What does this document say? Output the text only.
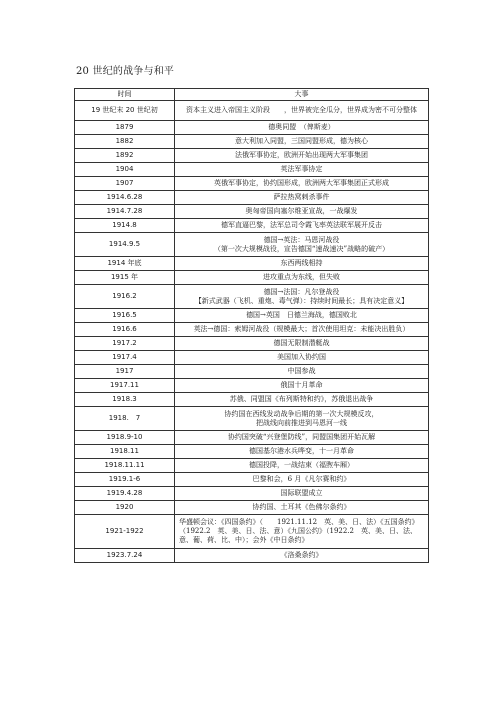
20 世纪的战争与和平
时间	大事
19 世纪末 20 世纪初	资本主义进入帝国主义阶段　　，世界被完全瓜分，世界成为密不可分整体

1879	德奥同盟　（俾斯麦）

1882	意大利加入同盟，三国同盟形成，德为核心

1892	法俄军事协定，欧洲开始出现两大军事集团

1904	英法军事协定

1907	英俄军事协定，协约国形成，欧洲两大军事集团正式形成

1914.6.28	萨拉热窝刺杀事件

1914.7.28	奥匈帝国向塞尔维亚宣战，一战爆发

1914.8	德军直逼巴黎，法军总司令霞飞率英法联军展开反击

1914.9.5	德国→英法：马恩河战役
（第一次大规模战役，宣告德国“速战速决”战略的破产）

1914 年底	东西两线相持

1915 年	进攻重点为东线，但失败

1916.2	德国→法国：凡尔登战役
【新式武器（飞机、重炮、毒气弹）：持续时间最长；具有决定意义】

1916.5	德国→英国　日德兰海战，德国败北

1916.6	英法→德国：索姆河战役（规模最大；首次使用坦克：未能决出胜负）

1917.2	德国无限制潜艇战

1917.4	美国加入协约国

1917	中国参战

1917.11	俄国十月革命

1918.3	苏俄、同盟国《布列斯特和约》，苏俄退出战争

1918.　7	协约国在西线发动战争后期的第一次大规模反攻，
把战线向前推进到马恩河一线

1918.9-10	协约国突破“兴登堡防线”，同盟国集团开始瓦解

1918.11	德国基尔港水兵哗变，十一月革命

1918.11.11	德国投降，一战结束（福煦车厢）

1919.1-6	巴黎和会，6 月《凡尔赛和约》

1919.4.28	国际联盟成立

1920	协约国、土耳其《色佛尔条约》

1921-1922	华盛顿会议：《四国条约》（　　1921.11.12　英、美、日、法）《五国条约》
（1922.2　英、美、日、法、意）《九国公约》（1922.2　英、美、日、法、
意、葡、荷、比、中）；会外《中日条约》

1923.7.24	《洛桑条约》
